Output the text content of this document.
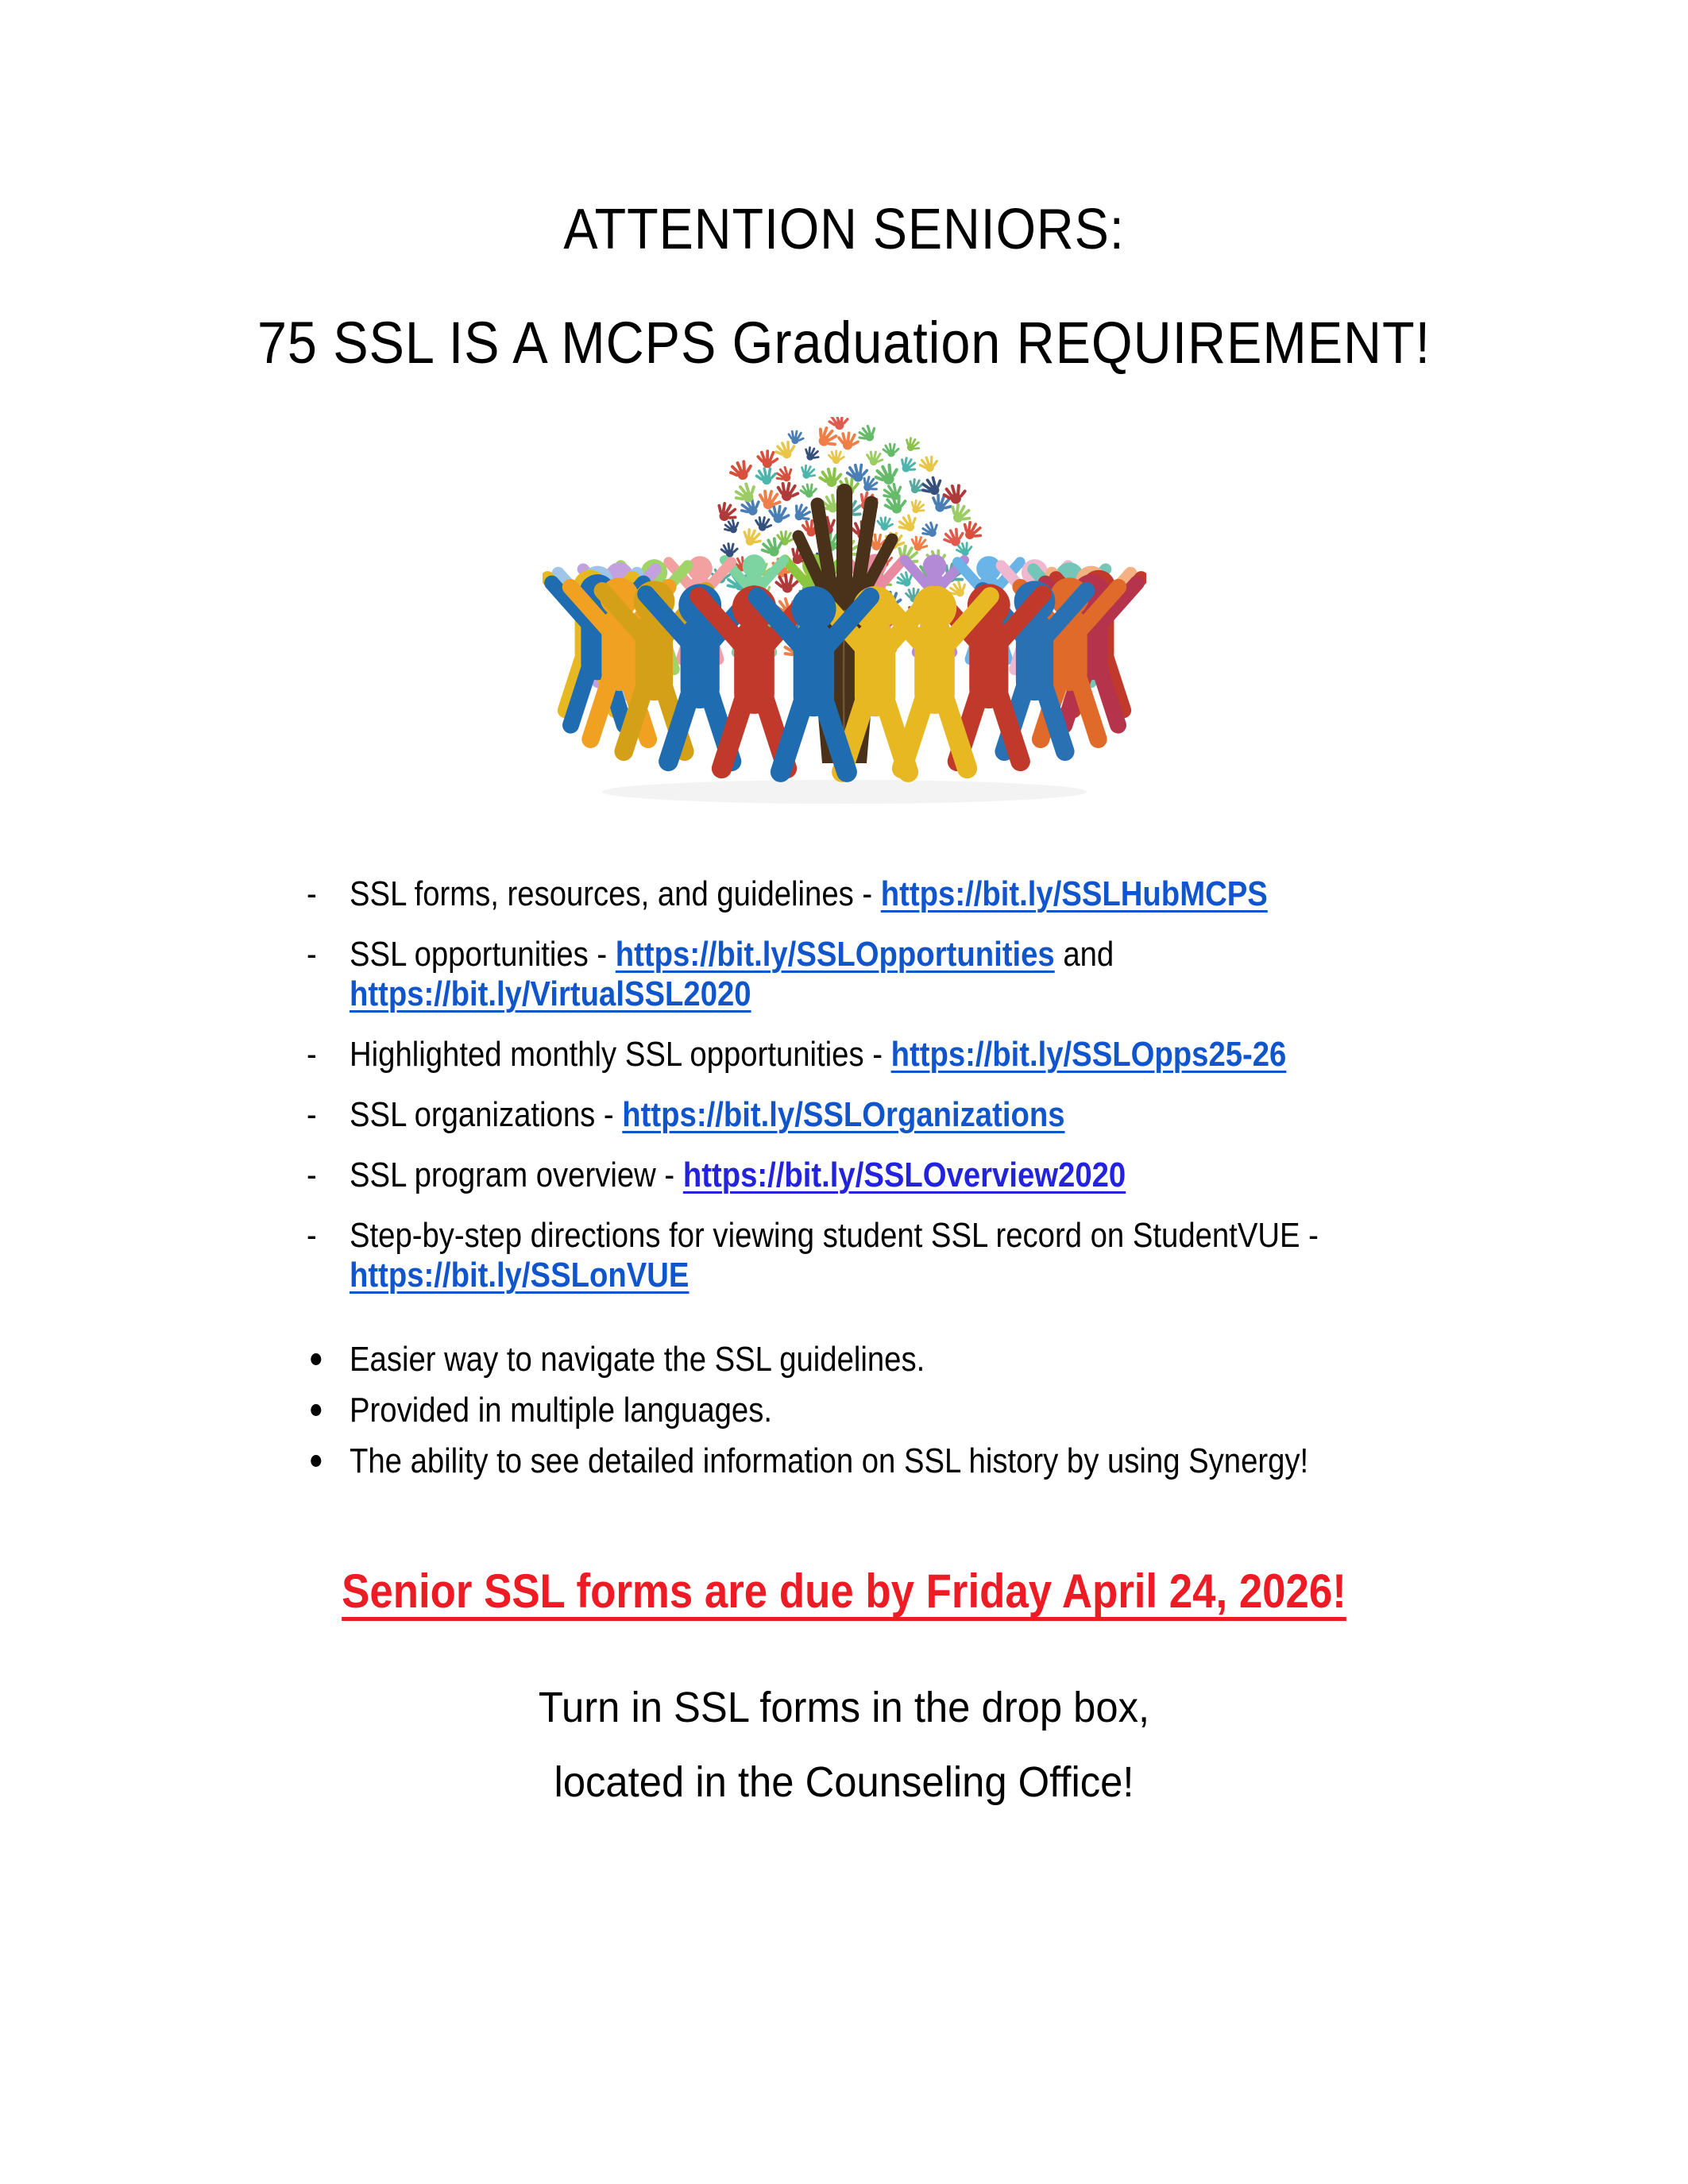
ATTENTION SENIORS:
75 SSL IS A MCPS Graduation REQUIREMENT!
- SSL forms, resources, and guidelines - https://bit.ly/SSLHubMCPS
- SSL opportunities - https://bit.ly/SSLOpportunities and
https://bit.ly/VirtualSSL2020
- Highlighted monthly SSL opportunities - https://bit.ly/SSLOpps25-26
- SSL organizations - https://bit.ly/SSLOrganizations
- SSL program overview - https://bit.ly/SSLOverview2020
- Step-by-step directions for viewing student SSL record on StudentVUE -
https://bit.ly/SSLonVUE
Easier way to navigate the SSL guidelines.
Provided in multiple languages.
The ability to see detailed information on SSL history by using Synergy!

Senior SSL forms are due by Friday April 24, 2026!

Turn in SSL forms in the drop box,

located in the Counseling Office!
